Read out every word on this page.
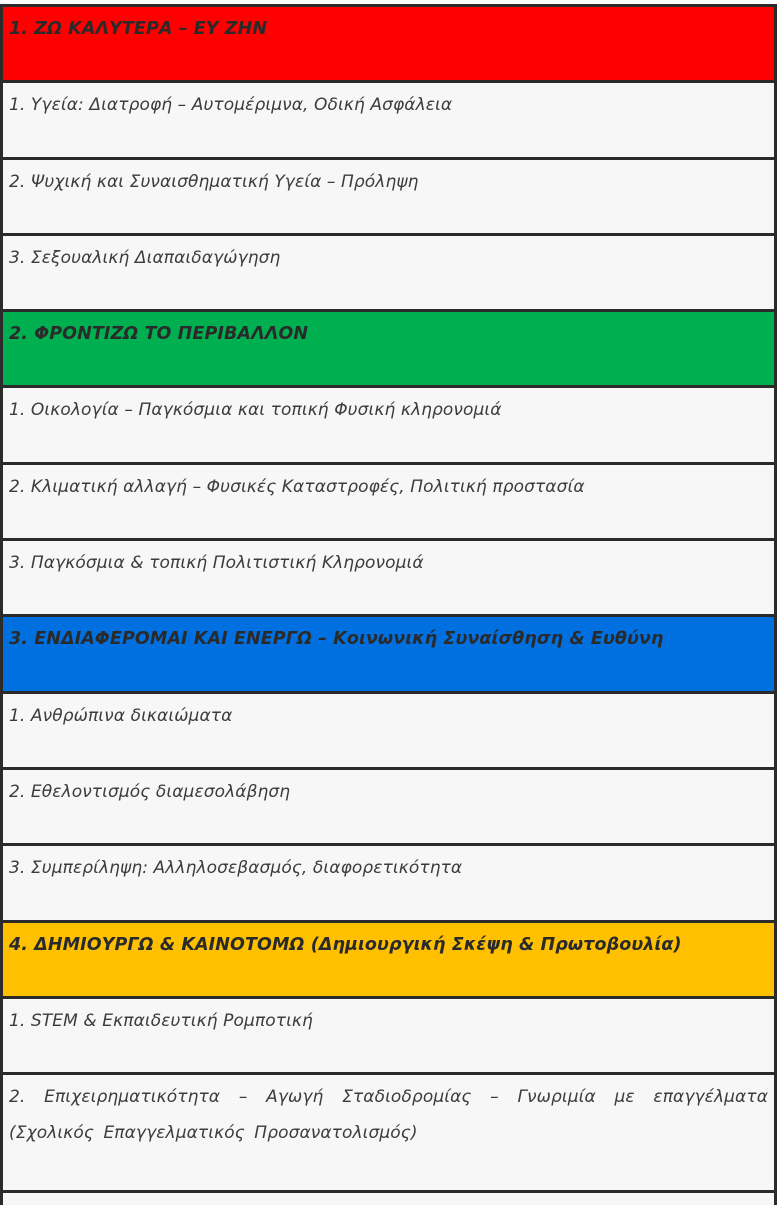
1. ΖΩ ΚΑΛΥΤΕΡΑ – ΕΥ ΖΗΝ
1. Υγεία: Διατροφή – Αυτομέριμνα, Οδική Ασφάλεια
2. Ψυχική και Συναισθηματική Υγεία – Πρόληψη
3. Σεξουαλική Διαπαιδαγώγηση
2. ΦΡΟΝΤΙΖΩ ΤΟ ΠΕΡΙΒΑΛΛΟΝ
1. Οικολογία – Παγκόσμια και τοπική Φυσική κληρονομιά
2. Κλιματική αλλαγή – Φυσικές Καταστροφές, Πολιτική προστασία
3. Παγκόσμια & τοπική Πολιτιστική Κληρονομιά
3. ΕΝΔΙΑΦΕΡΟΜΑΙ ΚΑΙ ΕΝΕΡΓΩ – Κοινωνική Συναίσθηση & Ευθύνη
1. Ανθρώπινα δικαιώματα
2. Εθελοντισμός διαμεσολάβηση
3. Συμπερίληψη: Αλληλοσεβασμός, διαφορετικότητα
4. ΔΗΜΙΟΥΡΓΩ & ΚΑΙΝΟΤΟΜΩ (Δημιουργική Σκέψη & Πρωτοβουλία)
1. STEM & Εκπαιδευτική Ρομποτική
2. Επιχειρηματικότητα – Αγωγή Σταδιοδρομίας – Γνωριμία με επαγγέλματα (Σχολικός Επαγγελματικός Προσανατολισμός)
